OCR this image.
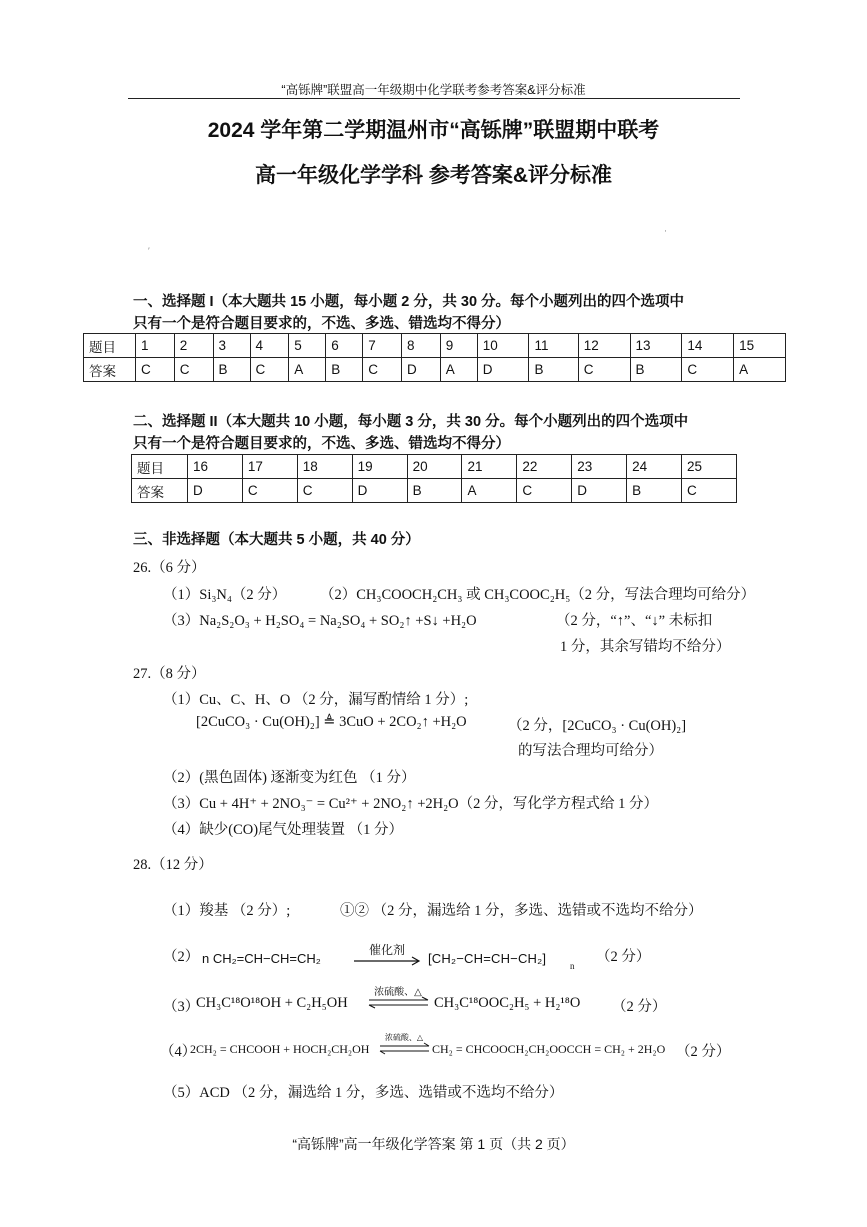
“高铄牌”联盟高一年级期中化学联考参考答案&评分标准
2024 学年第二学期温州市“高铄牌”联盟期中联考
高一年级化学学科 参考答案&评分标准
′
·
一、选择题 I（本大题共 15 小题，每小题 2 分，共 30 分。每个小题列出的四个选项中
只有一个是符合题目要求的，不选、多选、错选均不得分）
题目	1	2	3	4	5	6	7	8	9	10	11	12	13	14	15
答案	C	C	B	C	A	B	C	D	A	D	B	C	B	C	A
二、选择题 II（本大题共 10 小题，每小题 3 分，共 30 分。每个小题列出的四个选项中
只有一个是符合题目要求的，不选、多选、错选均不得分）
题目	16	17	18	19	20	21	22	23	24	25
答案	D	C	C	D	B	A	C	D	B	C
三、非选择题（本大题共 5 小题，共 40 分）
26.（6 分）
（1）Si₃N₄（2 分） （2）CH₃COOCH₂CH₃ 或 CH₃COOC₂H₅（2 分，写法合理均可给分）
（3）Na₂S₂O₃ + H₂SO₄ = Na₂SO₄ + SO₂↑ +S↓ +H₂O	（2 分，“↑”、“↓” 未标扣
1 分，其余写错均不给分）
27.（8 分）
（1）Cu、C、H、O （2 分，漏写酌情给 1 分）;
[2CuCO₃ · Cu(OH)₂] ≜ 3CuO + 2CO₂↑ +H₂O	（2 分，[2CuCO₃ · Cu(OH)₂]
的写法合理均可给分）
（2）(黑色固体) 逐渐变为红色 （1 分）
（3）Cu + 4H⁺ + 2NO₃⁻ = Cu²⁺ + 2NO₂↑ +2H₂O（2 分，写化学方程式给 1 分）
（4）缺少(CO)尾气处理装置 （1 分）
28.（12 分）
（1）羧基 （2 分）;	①② （2 分，漏选给 1 分，多选、选错或不选均不给分）
（2） n CH₂=CH−CH=CH₂
催化剂
[CH₂−CH=CH−CH₂]	n
（2 分）
（3）
CH₃C¹⁸O¹⁸OH + C₂H₅OH
浓硫酸、△
CH₃C¹⁸OOC₂H₅ + H₂¹⁸O （2 分）
（4）
2CH₂ = CHCOOH + HOCH₂CH₂OH
浓硫酸、△
⇌ CH₂ = CHCOOCH₂CH₂OOCCH = CH₂ + 2H₂O （2 分）
（5）ACD （2 分，漏选给 1 分，多选、选错或不选均不给分）
“高铄牌”高一年级化学答案 第 1 页（共 2 页）
